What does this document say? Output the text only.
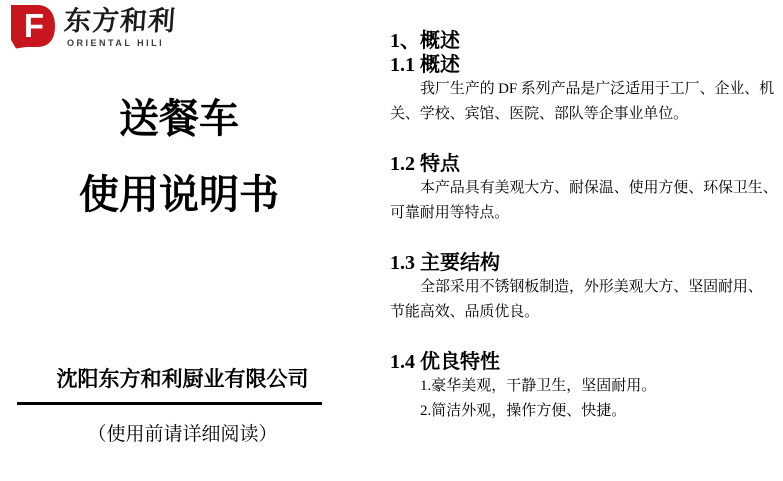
F 东方和利
ORIENTAL HILI
送餐车
使用说明书
沈阳东方和利厨业有限公司
（使用前请详细阅读）
1、概述
1.1 概述

我厂生产的 DF 系列产品是广泛适用于工厂、企业、机
关、学校、宾馆、医院、部队等企事业单位。

1.2 特点

本产品具有美观大方、耐保温、使用方便、环保卫生、
可靠耐用等特点。

1.3 主要结构

全部采用不锈钢板制造，外形美观大方、坚固耐用、
节能高效、品质优良。

1.4 优良特性
1.豪华美观，干静卫生，坚固耐用。
2.简洁外观，操作方便、快捷。
